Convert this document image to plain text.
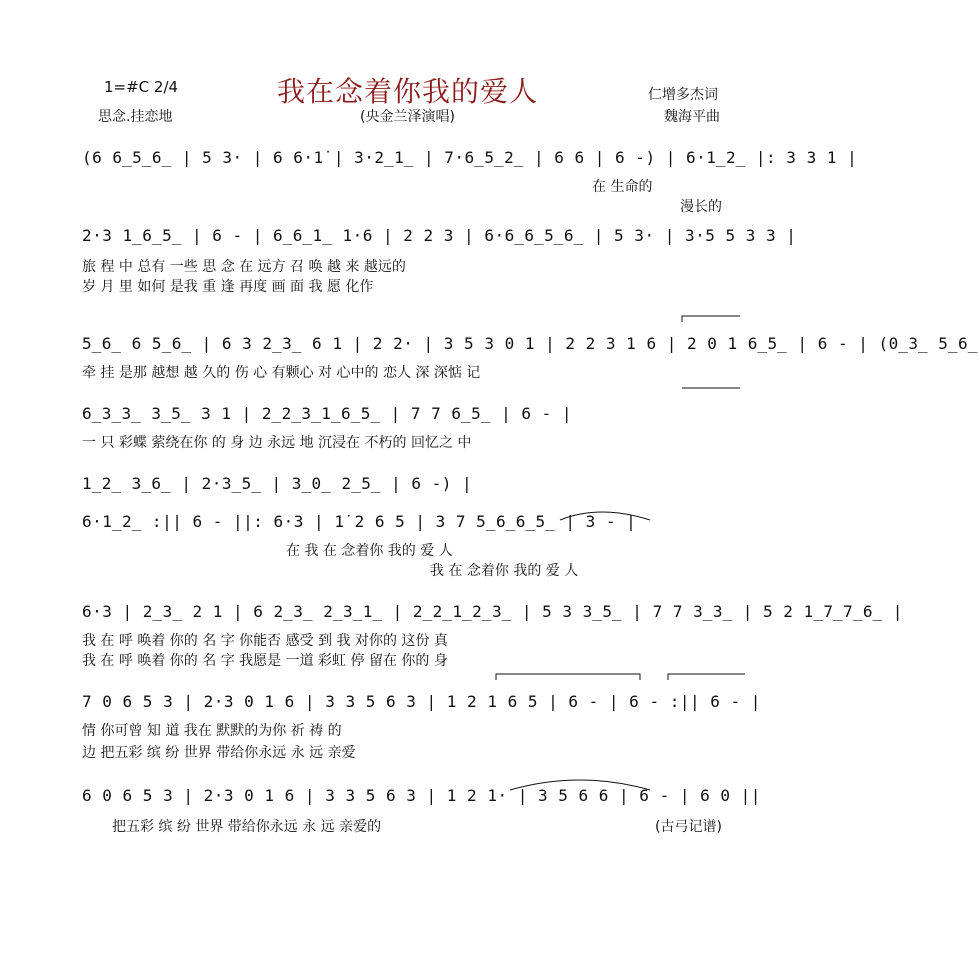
1=#C 2/4	我在念着你我的爱人	仁增多杰词
思念.挂恋地	(央金兰泽演唱)	魏海平曲
(6 6̲5̲6̲ | 5 3· | 6 6·1̇ | 3·2̲1̲ | 7·6̲5̲2̲ | 6 6 | 6 -) | 6·1̲2̲ |: 3 3 1 |
在 生命的
漫长的
2·3 1̲6̲5̲ | 6 - | 6̲6̲1̲ 1·6 | 2 2 3 | 6·6̲6̲5̲6̲ | 5 3· | 3·5 5 3 3 |
旅 程 中 总有 一些 思 念 在 远方 召 唤 越 来 越远的
岁 月 里 如何 是我 重 逢 再度 画 面 我 愿 化作
5̲6̲ 6 5̲6̲ | 6 3 2̲3̲ 6 1 | 2 2· | 3 5 3 0 1 | 2 2 3 1 6 | 2 0 1 6̲5̲ | 6 - | (0̲3̲ 5̲6̲
牵 挂 是那 越想 越 久的 伤 心 有颗心 对 心中的 恋人 深 深惦 记
6̲3̲3̲ 3̲5̲ 3 1 | 2̲2̲3̲1̲6̲5̲ | 7 7 6̲5̲ | 6 - |
一 只 彩蝶 萦绕在你 的 身 边 永远 地 沉浸在 不朽的 回忆之 中
1̲2̲ 3̲6̲ | 2·3̲5̲ | 3̲0̲ 2̲5̲ | 6 -) |
6·1̲2̲ :|| 6 - ||: 6·3 | 1̇ 2 6 5 | 3 7 5̲6̲6̲5̲ | 3 - |
在 我 在 念着你 我的 爱 人
我 在 念着你 我的 爱 人
6·3 | 2̲3̲ 2 1 | 6 2̲3̲ 2̲3̲1̲ | 2̲2̲1̲2̲3̲ | 5 3 3̲5̲ | 7 7 3̲3̲ | 5 2 1̲7̲7̲6̲ |
我 在 呼 唤着 你的 名 字 你能否 感受 到 我 对你的 这份 真
我 在 呼 唤着 你的 名 字 我愿是 一道 彩虹 停 留在 你的 身
7 0 6 5 3 | 2·3 0 1 6 | 3 3 5 6 3 | 1 2 1 6 5 | 6 - | 6 - :|| 6 - |
情 你可曾 知 道 我在 默默的为你 祈 祷 的
边 把五彩 缤 纷 世界 带给你永远 永 远 亲爱
6 0 6 5 3 | 2·3 0 1 6 | 3 3 5 6 3 | 1 2 1· | 3 5 6 6 | 6 - | 6 0 ||
把五彩 缤 纷 世界 带给你永远 永 远 亲爱的	(古弓记谱)
